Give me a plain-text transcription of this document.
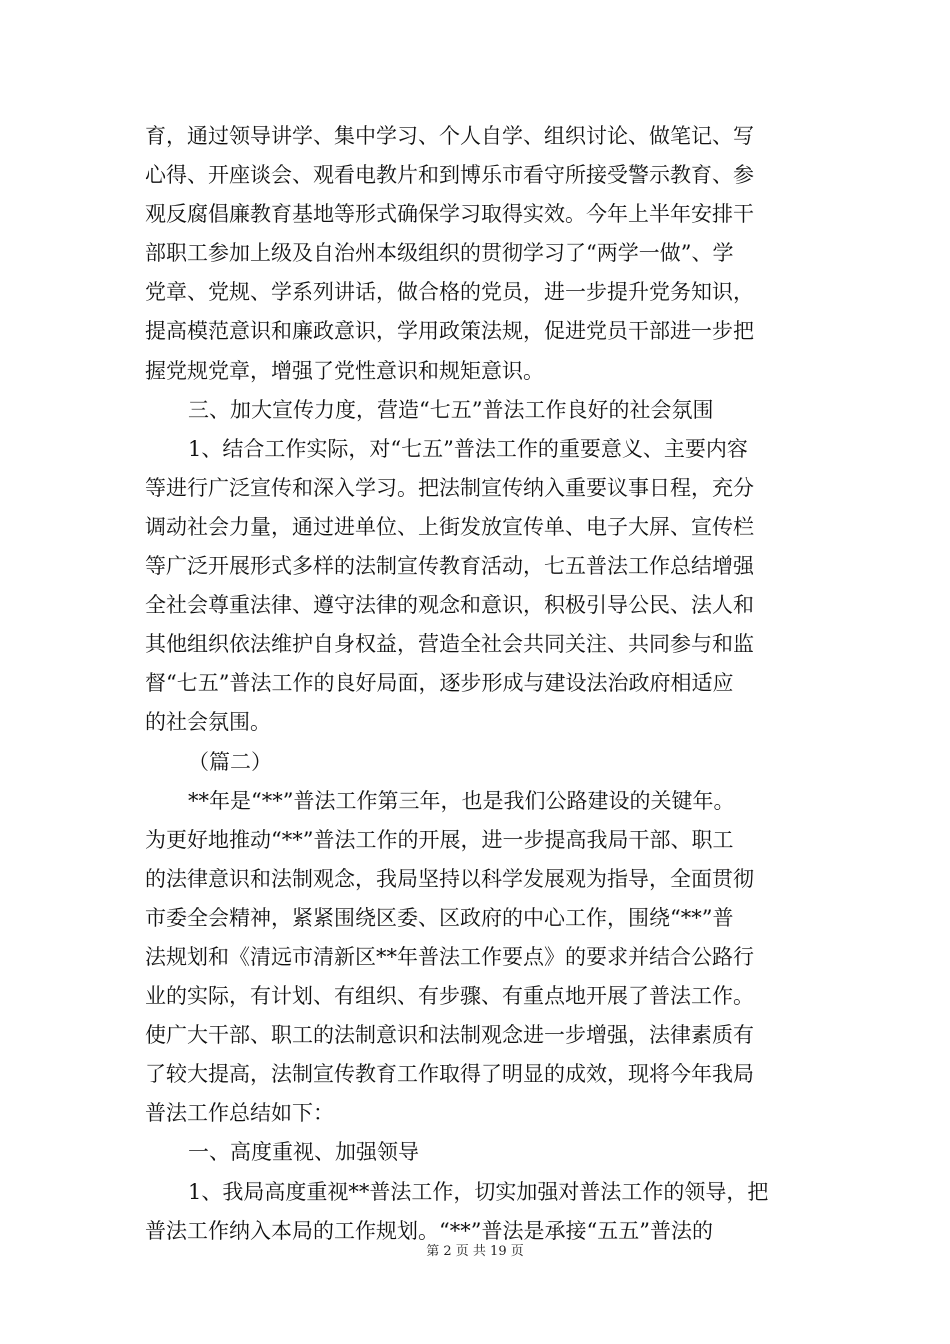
育，通过领导讲学、集中学习、个人自学、组织讨论、做笔记、写
心得、开座谈会、观看电教片和到博乐市看守所接受警示教育、参
观反腐倡廉教育基地等形式确保学习取得实效。今年上半年安排干
部职工参加上级及自治州本级组织的贯彻学习了“两学一做”、学
党章、党规、学系列讲话，做合格的党员，进一步提升党务知识，
提高模范意识和廉政意识，学用政策法规，促进党员干部进一步把
握党规党章，增强了党性意识和规矩意识。
三、加大宣传力度，营造“七五”普法工作良好的社会氛围
1、结合工作实际，对“七五”普法工作的重要意义、主要内容
等进行广泛宣传和深入学习。把法制宣传纳入重要议事日程，充分
调动社会力量，通过进单位、上街发放宣传单、电子大屏、宣传栏
等广泛开展形式多样的法制宣传教育活动，七五普法工作总结增强
全社会尊重法律、遵守法律的观念和意识，积极引导公民、法人和
其他组织依法维护自身权益，营造全社会共同关注、共同参与和监
督“七五”普法工作的良好局面，逐步形成与建设法治政府相适应
的社会氛围。
（篇二）
**年是“**”普法工作第三年，也是我们公路建设的关键年。
为更好地推动“**”普法工作的开展，进一步提高我局干部、职工
的法律意识和法制观念，我局坚持以科学发展观为指导，全面贯彻
市委全会精神，紧紧围绕区委、区政府的中心工作，围绕“**”普
法规划和《清远市清新区**年普法工作要点》的要求并结合公路行
业的实际，有计划、有组织、有步骤、有重点地开展了普法工作。
使广大干部、职工的法制意识和法制观念进一步增强，法律素质有
了较大提高，法制宣传教育工作取得了明显的成效，现将今年我局
普法工作总结如下：
一、高度重视、加强领导
1、我局高度重视**普法工作，切实加强对普法工作的领导，把
普法工作纳入本局的工作规划。“**”普法是承接“五五”普法的
第 2 页 共 19 页
